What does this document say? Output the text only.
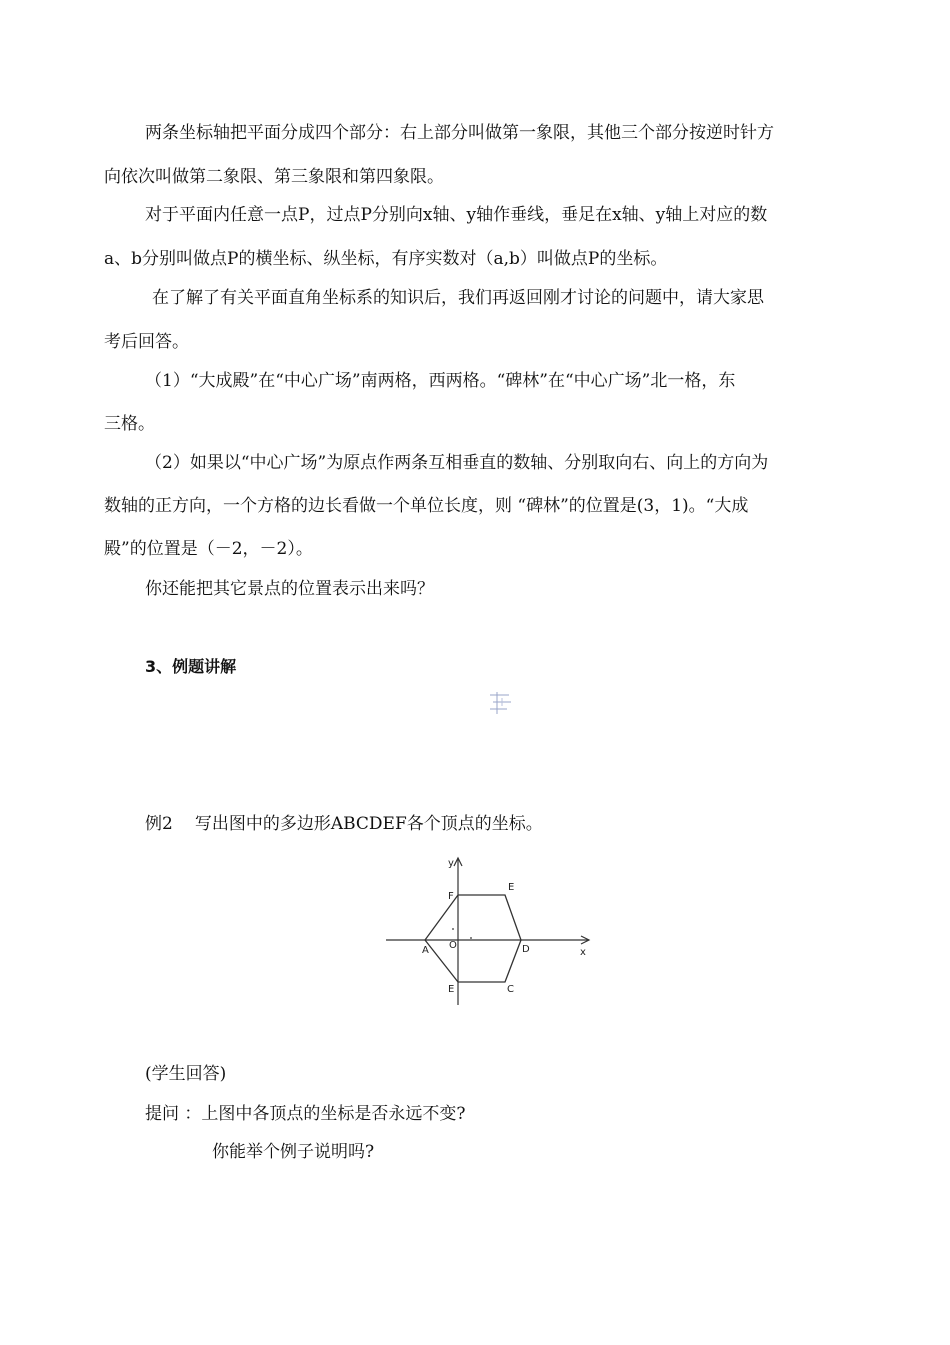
两条坐标轴把平面分成四个部分：右上部分叫做第一象限，其他三个部分按逆时针方
向依次叫做第二象限、第三象限和第四象限。
对于平面内任意一点P，过点P分别向x轴、y轴作垂线，垂足在x轴、y轴上对应的数
a、b分别叫做点P的横坐标、纵坐标，有序实数对（a,b）叫做点P的坐标。
在了解了有关平面直角坐标系的知识后，我们再返回刚才讨论的问题中，请大家思
考后回答。
（1）“大成殿”在“中心广场”南两格，西两格。“碑林”在“中心广场”北一格，东
三格。
（2）如果以“中心广场”为原点作两条互相垂直的数轴、分别取向右、向上的方向为
数轴的正方向，一个方格的边长看做一个单位长度，则 “碑林”的位置是(3，1)。“大成
殿”的位置是（－2，－2）。
你还能把其它景点的位置表示出来吗？
3、例题讲解
例2 写出图中的多边形ABCDEF各个顶点的坐标。
y
x
A O	D
F
E
E	C
(学生回答)
提问 ：上图中各顶点的坐标是否永远不变?
你能举个例子说明吗?
